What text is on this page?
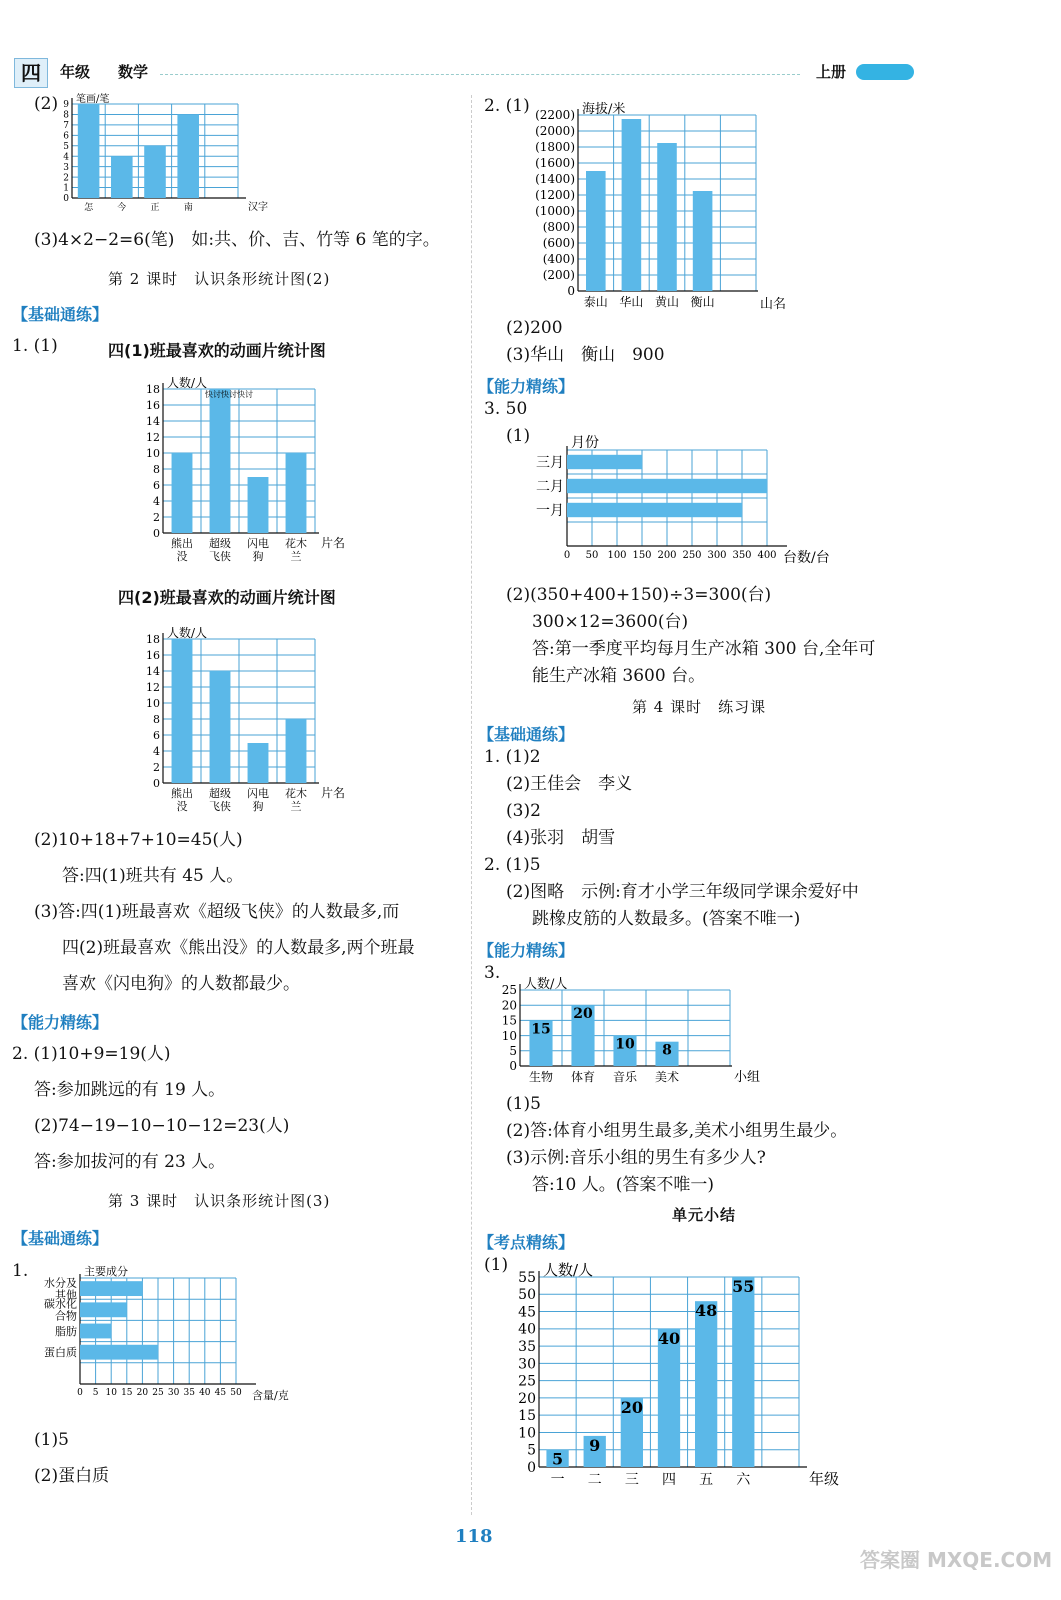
四	年级 数学	上册
(2)
0
1
2
3
4
5
6
7
8
9
怎	今	正	南
笔画/笔
汉字
(3)4×2−2=6(笔)　如:共、价、吉、竹等 6 笔的字。
第 2 课时　认识条形统计图(2)
【基础通练】
1. (1)	四(1)班最喜欢的动画片统计图
0
2
4
6
8
10
12
14
16
18
熊出
没
超级
飞侠
闪电
狗
花木
兰
人数/人
片名
快讨快讨快讨
四(2)班最喜欢的动画片统计图
0
2
4
6
8
10
12
14
16
18
熊出
没
超级
飞侠
闪电
狗
花木
兰
人数/人
片名
(2)10+18+7+10=45(人)
答:四(1)班共有 45 人。
(3)答:四(1)班最喜欢《超级飞侠》的人数最多,而
四(2)班最喜欢《熊出没》的人数最多,两个班最
喜欢《闪电狗》的人数都最少。
【能力精练】
2. (1)10+9=19(人)
答:参加跳远的有 19 人。
(2)74−19−10−10−12=23(人)
答:参加拔河的有 23 人。
第 3 课时　认识条形统计图(3)
【基础通练】
1.
0 5 10 15 20 25 30 35 40 45 50
水分及
其他
碳水化
合物
脂肪
蛋白质
主要成分
含量/克
(1)5
(2)蛋白质
2. (1)
0
(200)
(400)
(600)
(800)
(1000)
(1200)
(1400)
(1600)
(1800)
(2000)
(2200)
泰山 华山 黄山 衡山
海拔/米
山名
(2)200
(3)华山　衡山　900
【能力精练】
3. 50
(1)
0 50 100 150 200 250 300 350 400
三月
二月
一月
月份
台数/台
(2)(350+400+150)÷3=300(台)
300×12=3600(台)
答:第一季度平均每月生产冰箱 300 台,全年可
能生产冰箱 3600 台。
第 4 课时　练习课
【基础通练】
1. (1)2
(2)王佳会　李义
(3)2
(4)张羽　胡雪
2. (1)5
(2)图略　示例:育才小学三年级同学课余爱好中
跳橡皮筋的人数最多。(答案不唯一)
【能力精练】
3.
0
5
10
15
20
25
生物
15
体育
20
音乐
10
美术
8
人数/人
小组
(1)5
(2)答:体育小组男生最多,美术小组男生最少。
(3)示例:音乐小组的男生有多少人?
答:10 人。(答案不唯一)
单元小结
【考点精练】
(1)
0
5
10
15
20
25
30
35
40
45
50
55
一
5
二
9
三
20
四
40
五
48
六
55
人数/人
年级
118
答案圈 MXQE.COM
